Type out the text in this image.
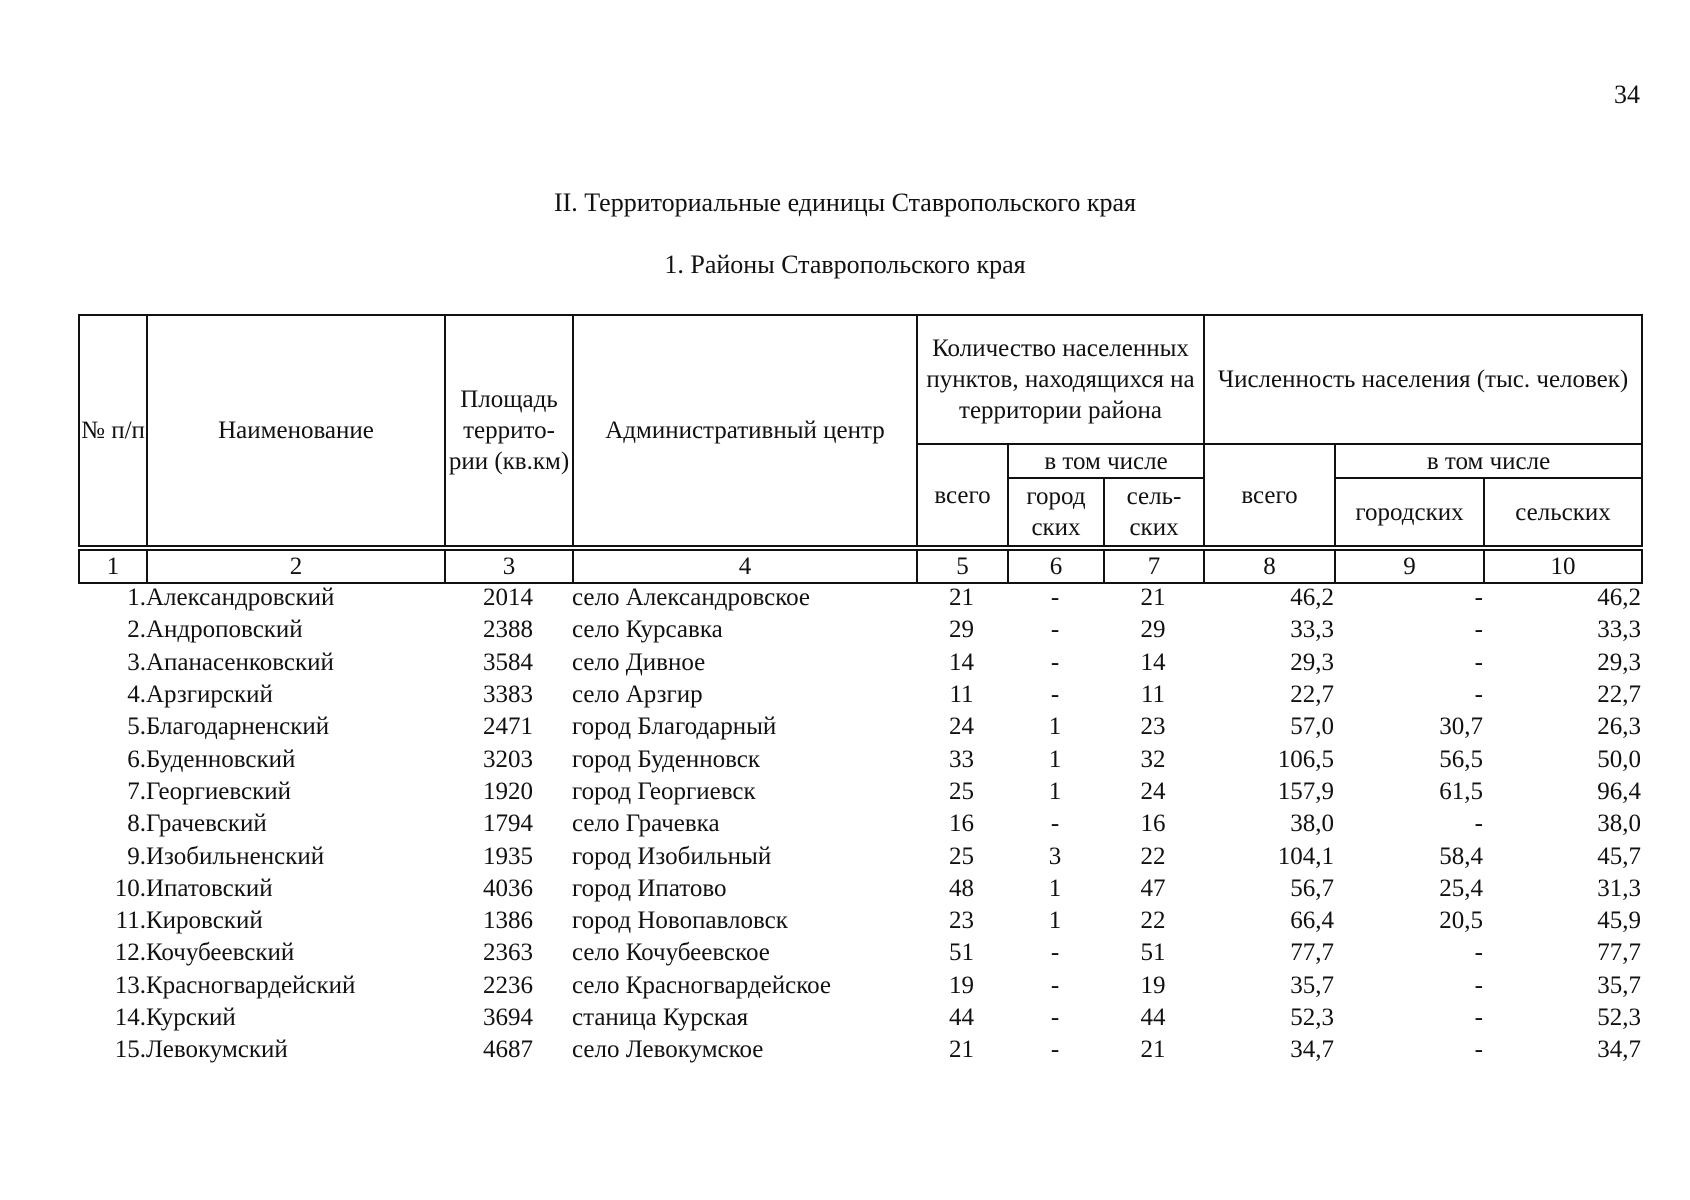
34
II. Территориальные единицы Ставропольского края
1. Районы Ставропольского края
№ п/п	Наименование	Площадь террито-рии (кв.км)	Административный центр	Количество населенных пунктов, находящихся на территории района			Численность населения (тыс. человек)		
				всего	в том числе		всего	в том числе	
					город ских	сель-ских		городских	сельских

1	2	3	4	5	6	7	8	9	10
1.	Александровский	2014	село Александровское	21	-	21	46,2	-	46,2
2.	Андроповский	2388	село Курсавка	29	-	29	33,3	-	33,3
3.	Апанасенковский	3584	село Дивное	14	-	14	29,3	-	29,3
4.	Арзгирский	3383	село Арзгир	11	-	11	22,7	-	22,7
5.	Благодарненский	2471	город Благодарный	24	1	23	57,0	30,7	26,3
6.	Буденновский	3203	город Буденновск	33	1	32	106,5	56,5	50,0
7.	Георгиевский	1920	город Георгиевск	25	1	24	157,9	61,5	96,4
8.	Грачевский	1794	село Грачевка	16	-	16	38,0	-	38,0
9.	Изобильненский	1935	город Изобильный	25	3	22	104,1	58,4	45,7
10.	Ипатовский	4036	город Ипатово	48	1	47	56,7	25,4	31,3
11.	Кировский	1386	город Новопавловск	23	1	22	66,4	20,5	45,9
12.	Кочубеевский	2363	село Кочубеевское	51	-	51	77,7	-	77,7
13.	Красногвардейский	2236	село Красногвардейское	19	-	19	35,7	-	35,7
14.	Курский	3694	станица Курская	44	-	44	52,3	-	52,3
15.	Левокумский	4687	село Левокумское	21	-	21	34,7	-	34,7
